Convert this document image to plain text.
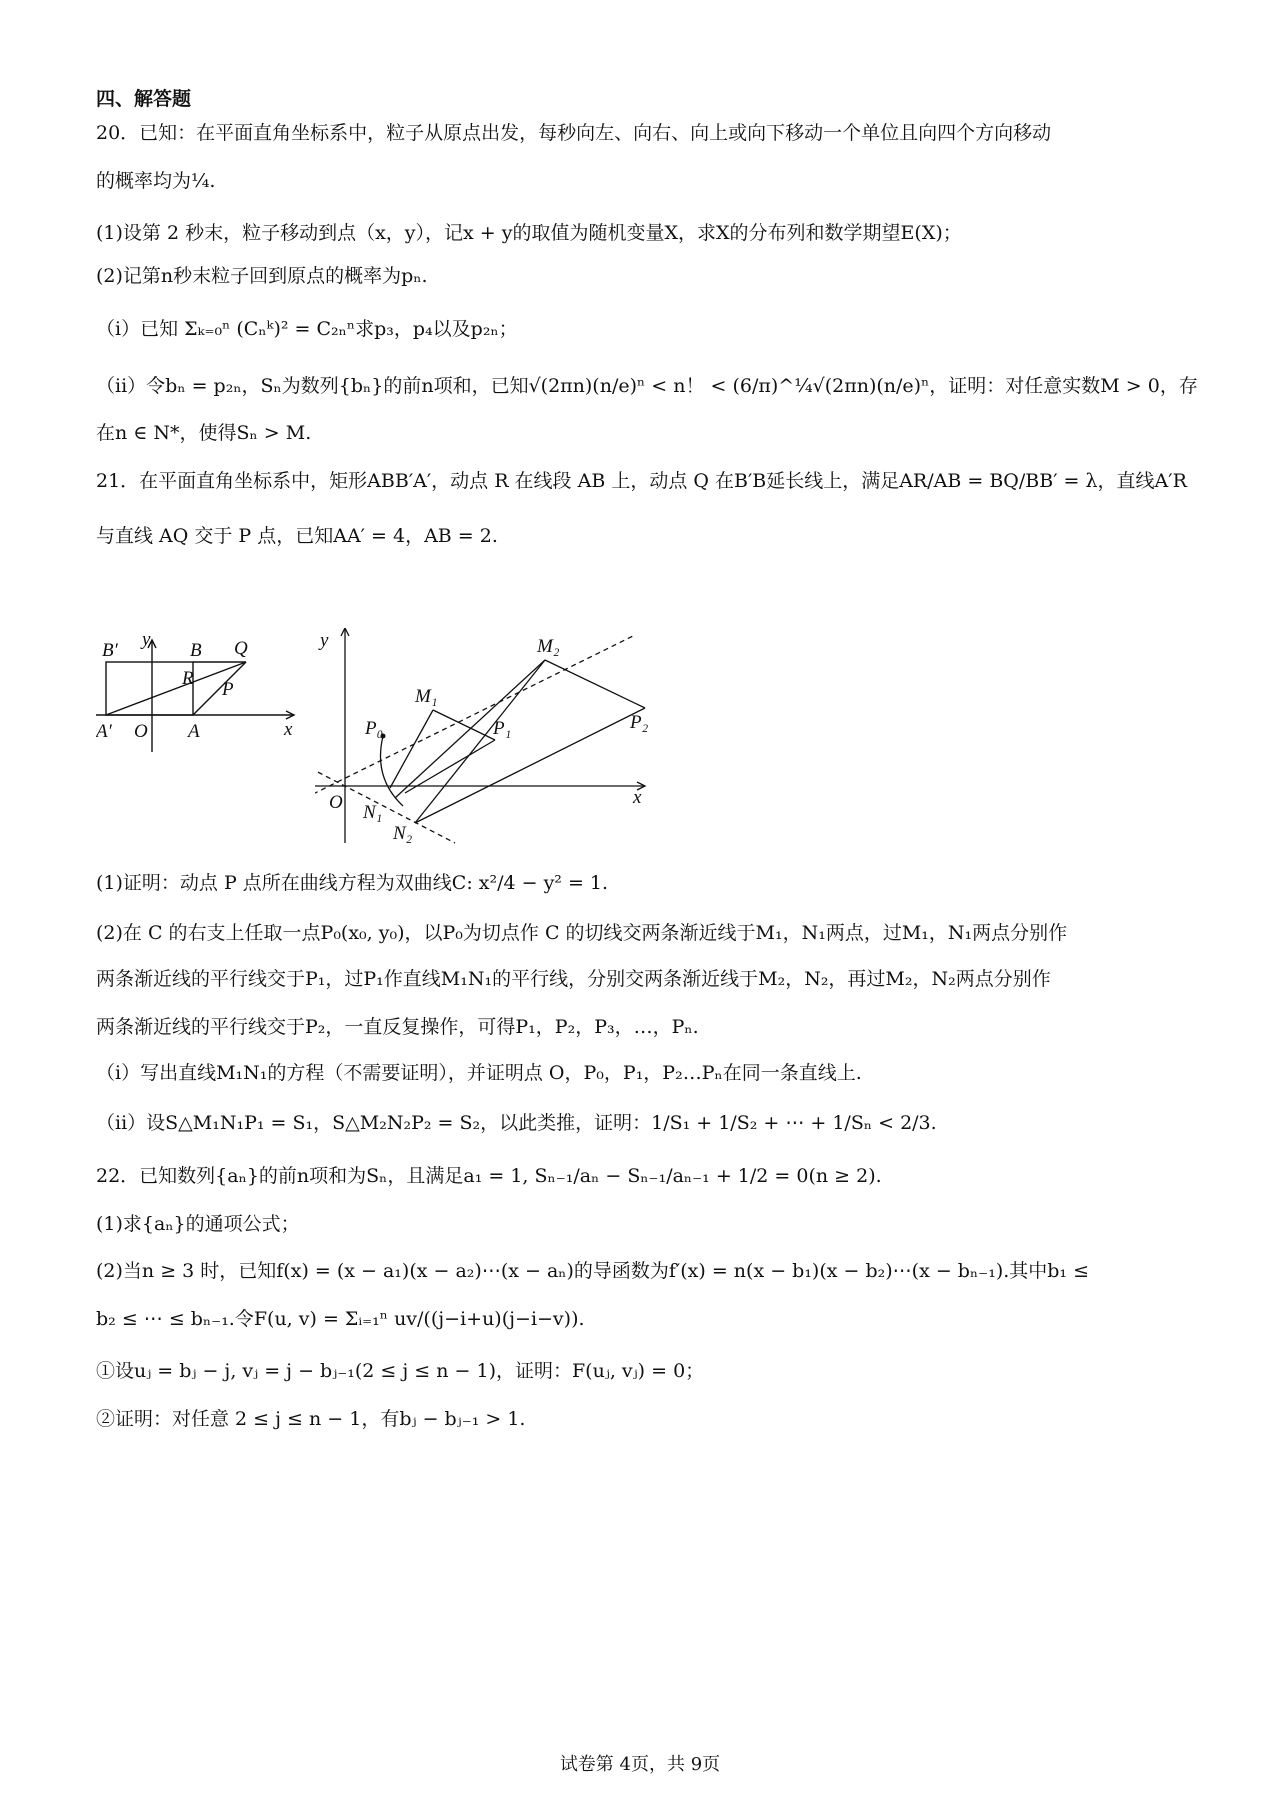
四、解答题
20．已知：在平面直角坐标系中，粒子从原点出发，每秒向左、向右、向上或向下移动一个单位且向四个方向移动
的概率均为¼.
(1)设第 2 秒末，粒子移动到点（x，y），记x + y的取值为随机变量X，求X的分布列和数学期望E(X)；
(2)记第n秒末粒子回到原点的概率为pₙ.
（i）已知 Σₖ₌₀ⁿ (Cₙᵏ)² = C₂ₙⁿ求p₃，p₄以及p₂ₙ；
（ii）令bₙ = p₂ₙ，Sₙ为数列{bₙ}的前n项和，已知√(2πn)(n/e)ⁿ < n！ < (6/π)^¼√(2πn)(n/e)ⁿ，证明：对任意实数M > 0，存
在n ∈ N*，使得Sₙ > M.
21．在平面直角坐标系中，矩形ABB′A′，动点 R 在线段 AB 上，动点 Q 在B′B延长线上，满足AR/AB = BQ/BB′ = λ，直线A′R
与直线 AQ 交于 P 点，已知AA′ = 4，AB = 2.
y
B′	B Q
R
P
A′ O A	x
y	M₂
M₁
P₂
P₀	P₁
O N₁
N₂
x
(1)证明：动点 P 点所在曲线方程为双曲线C: x²/4 − y² = 1.
(2)在 C 的右支上任取一点P₀(x₀, y₀)，以P₀为切点作 C 的切线交两条渐近线于M₁，N₁两点，过M₁，N₁两点分别作
两条渐近线的平行线交于P₁，过P₁作直线M₁N₁的平行线，分别交两条渐近线于M₂，N₂，再过M₂，N₂两点分别作
两条渐近线的平行线交于P₂，一直反复操作，可得P₁，P₂，P₃，…，Pₙ.
（i）写出直线M₁N₁的方程（不需要证明），并证明点 O，P₀，P₁，P₂…Pₙ在同一条直线上.
（ii）设S△M₁N₁P₁ = S₁，S△M₂N₂P₂ = S₂，以此类推，证明：1/S₁ + 1/S₂ + ⋯ + 1/Sₙ < 2/3.
22．已知数列{aₙ}的前n项和为Sₙ，且满足a₁ = 1, Sₙ₋₁/aₙ − Sₙ₋₁/aₙ₋₁ + 1/2 = 0(n ≥ 2).
(1)求{aₙ}的通项公式；
(2)当n ≥ 3 时，已知f(x) = (x − a₁)(x − a₂)⋯(x − aₙ)的导函数为f′(x) = n(x − b₁)(x − b₂)⋯(x − bₙ₋₁).其中b₁ ≤
b₂ ≤ ⋯ ≤ bₙ₋₁.令F(u, v) = Σᵢ₌₁ⁿ uv/((j−i+u)(j−i−v)).
①设uⱼ = bⱼ − j, vⱼ = j − bⱼ₋₁(2 ≤ j ≤ n − 1)，证明：F(uⱼ, vⱼ) = 0；
②证明：对任意 2 ≤ j ≤ n − 1，有bⱼ − bⱼ₋₁ > 1.
试卷第 4页，共 9页
